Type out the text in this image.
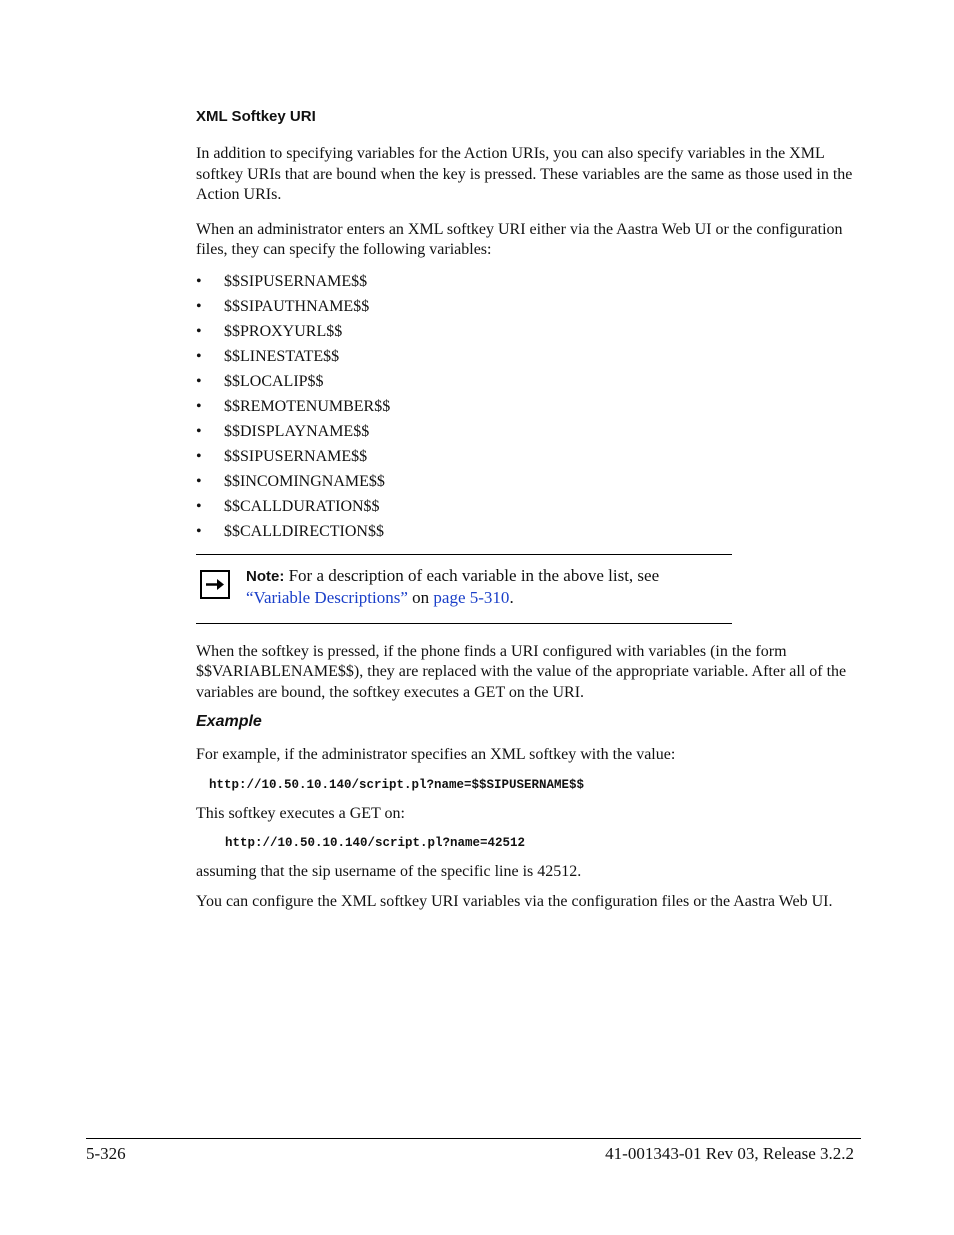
XML Softkey URI

In addition to specifying variables for the Action URIs, you can also specify variables in the XML softkey URIs that are bound when the key is pressed. These variables are the same as those used in the Action URIs.

When an administrator enters an XML softkey URI either via the Aastra Web UI or the configuration files, they can specify the following variables:

• $$SIPUSERNAME$$
• $$SIPAUTHNAME$$
• $$PROXYURL$$
• $$LINESTATE$$
• $$LOCALIP$$
• $$REMOTENUMBER$$
• $$DISPLAYNAME$$
• $$SIPUSERNAME$$
• $$INCOMINGNAME$$
• $$CALLDURATION$$
• $$CALLDIRECTION$$
Note: For a description of each variable in the above list, see “Variable Descriptions” on page 5-310.

When the softkey is pressed, if the phone finds a URI configured with variables (in the form $$VARIABLENAME$$), they are replaced with the value of the appropriate variable. After all of the variables are bound, the softkey executes a GET on the URI.

Example

For example, if the administrator specifies an XML softkey with the value:

http://10.50.10.140/script.pl?name=$$SIPUSERNAME$$

This softkey executes a GET on:

http://10.50.10.140/script.pl?name=42512

assuming that the sip username of the specific line is 42512.

You can configure the XML softkey URI variables via the configuration files or the Aastra Web UI.

5-326	41-001343-01 Rev 03, Release 3.2.2
